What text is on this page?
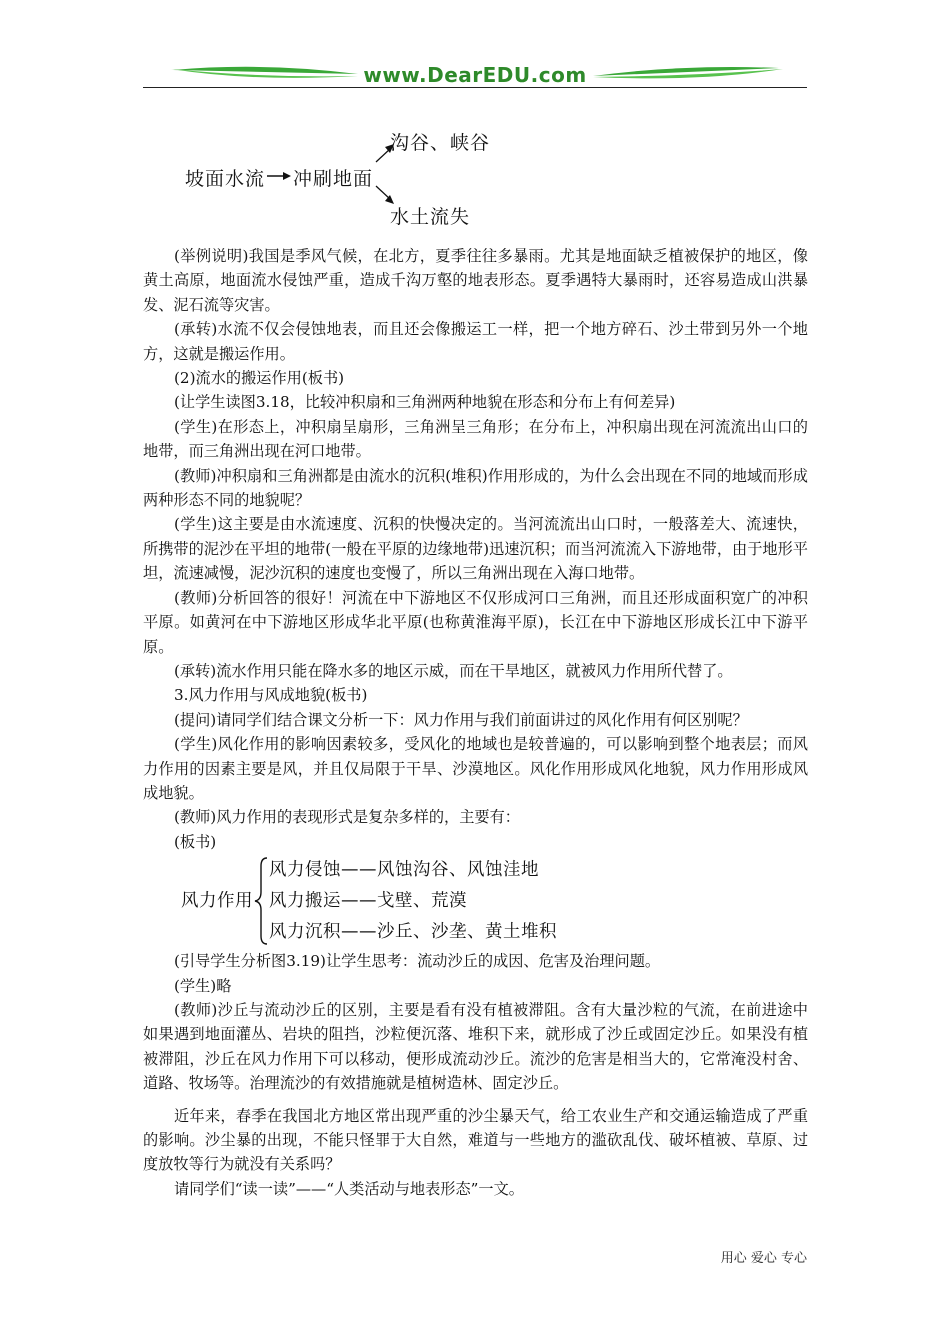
www.DearEDU.com
坡面水流 冲刷地面
沟谷、峡谷
水土流失

(举例说明)我国是季风气候，在北方，夏季往往多暴雨。尤其是地面缺乏植被保护的地区，像黄土高原，地面流水侵蚀严重，造成千沟万壑的地表形态。夏季遇特大暴雨时，还容易造成山洪暴发、泥石流等灾害。

(承转)水流不仅会侵蚀地表，而且还会像搬运工一样，把一个地方碎石、沙土带到另外一个地方，这就是搬运作用。

(2)流水的搬运作用(板书)

(让学生读图3.18，比较冲积扇和三角洲两种地貌在形态和分布上有何差异)

(学生)在形态上，冲积扇呈扇形，三角洲呈三角形；在分布上，冲积扇出现在河流流出山口的地带，而三角洲出现在河口地带。

(教师)冲积扇和三角洲都是由流水的沉积(堆积)作用形成的，为什么会出现在不同的地域而形成两种形态不同的地貌呢？

(学生)这主要是由水流速度、沉积的快慢决定的。当河流流出山口时，一般落差大、流速快，所携带的泥沙在平坦的地带(一般在平原的边缘地带)迅速沉积；而当河流流入下游地带，由于地形平坦，流速减慢，泥沙沉积的速度也变慢了，所以三角洲出现在入海口地带。

(教师)分析回答的很好！河流在中下游地区不仅形成河口三角洲，而且还形成面积宽广的冲积平原。如黄河在中下游地区形成华北平原(也称黄淮海平原)，长江在中下游地区形成长江中下游平原。

(承转)流水作用只能在降水多的地区示威，而在干旱地区，就被风力作用所代替了。

3.风力作用与风成地貌(板书)

(提问)请同学们结合课文分析一下：风力作用与我们前面讲过的风化作用有何区别呢？

(学生)风化作用的影响因素较多，受风化的地域也是较普遍的，可以影响到整个地表层；而风力作用的因素主要是风，并且仅局限于干旱、沙漠地区。风化作用形成风化地貌，风力作用形成风成地貌。

(教师)风力作用的表现形式是复杂多样的，主要有：

(板书)

风力作用
风力侵蚀——风蚀沟谷、风蚀洼地
风力搬运——戈壁、荒漠
风力沉积——沙丘、沙垄、黄土堆积

(引导学生分析图3.19)让学生思考：流动沙丘的成因、危害及治理问题。

(学生)略

(教师)沙丘与流动沙丘的区别，主要是看有没有植被滞阻。含有大量沙粒的气流，在前进途中如果遇到地面灌丛、岩块的阻挡，沙粒便沉落、堆积下来，就形成了沙丘或固定沙丘。如果没有植被滞阻，沙丘在风力作用下可以移动，便形成流动沙丘。流沙的危害是相当大的，它常淹没村舍、道路、牧场等。治理流沙的有效措施就是植树造林、固定沙丘。

近年来，春季在我国北方地区常出现严重的沙尘暴天气，给工农业生产和交通运输造成了严重的影响。沙尘暴的出现，不能只怪罪于大自然，难道与一些地方的滥砍乱伐、破坏植被、草原、过度放牧等行为就没有关系吗？

请同学们“读一读”——“人类活动与地表形态”一文。

用心 爱心 专心
